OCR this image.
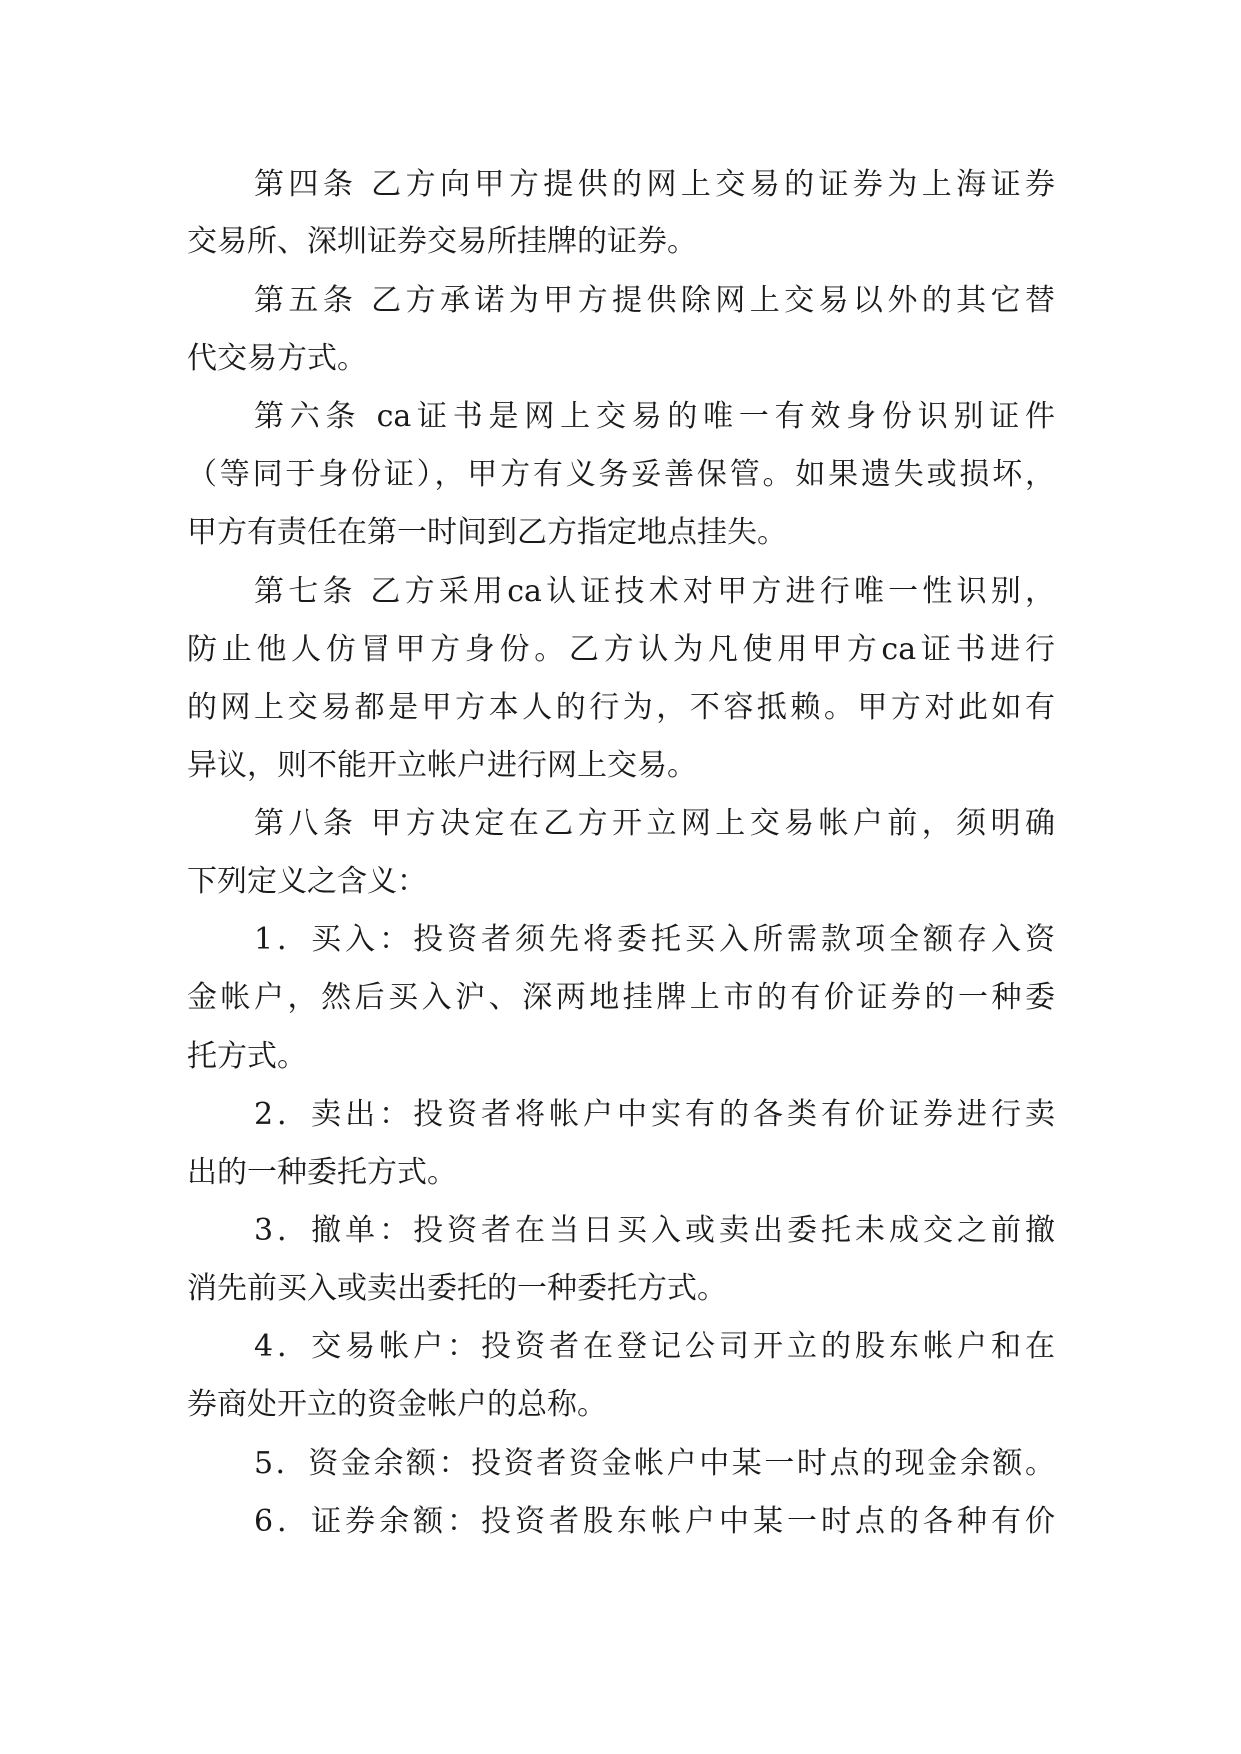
第四条 乙方向甲方提供的网上交易的证券为上海证券

交易所、深圳证券交易所挂牌的证券。

第五条 乙方承诺为甲方提供除网上交易以外的其它替

代交易方式。

第六条 ca证书是网上交易的唯一有效身份识别证件

（等同于身份证），甲方有义务妥善保管。如果遗失或损坏，

甲方有责任在第一时间到乙方指定地点挂失。

第七条 乙方采用ca认证技术对甲方进行唯一性识别，

防止他人仿冒甲方身份。乙方认为凡使用甲方ca证书进行

的网上交易都是甲方本人的行为，不容抵赖。甲方对此如有

异议，则不能开立帐户进行网上交易。

第八条 甲方决定在乙方开立网上交易帐户前，须明确

下列定义之含义：

1．买入：投资者须先将委托买入所需款项全额存入资

金帐户，然后买入沪、深两地挂牌上市的有价证券的一种委

托方式。

2．卖出：投资者将帐户中实有的各类有价证券进行卖

出的一种委托方式。

3．撤单：投资者在当日买入或卖出委托未成交之前撤

消先前买入或卖出委托的一种委托方式。

4．交易帐户：投资者在登记公司开立的股东帐户和在

券商处开立的资金帐户的总称。

5．资金余额：投资者资金帐户中某一时点的现金余额。

6．证券余额：投资者股东帐户中某一时点的各种有价
